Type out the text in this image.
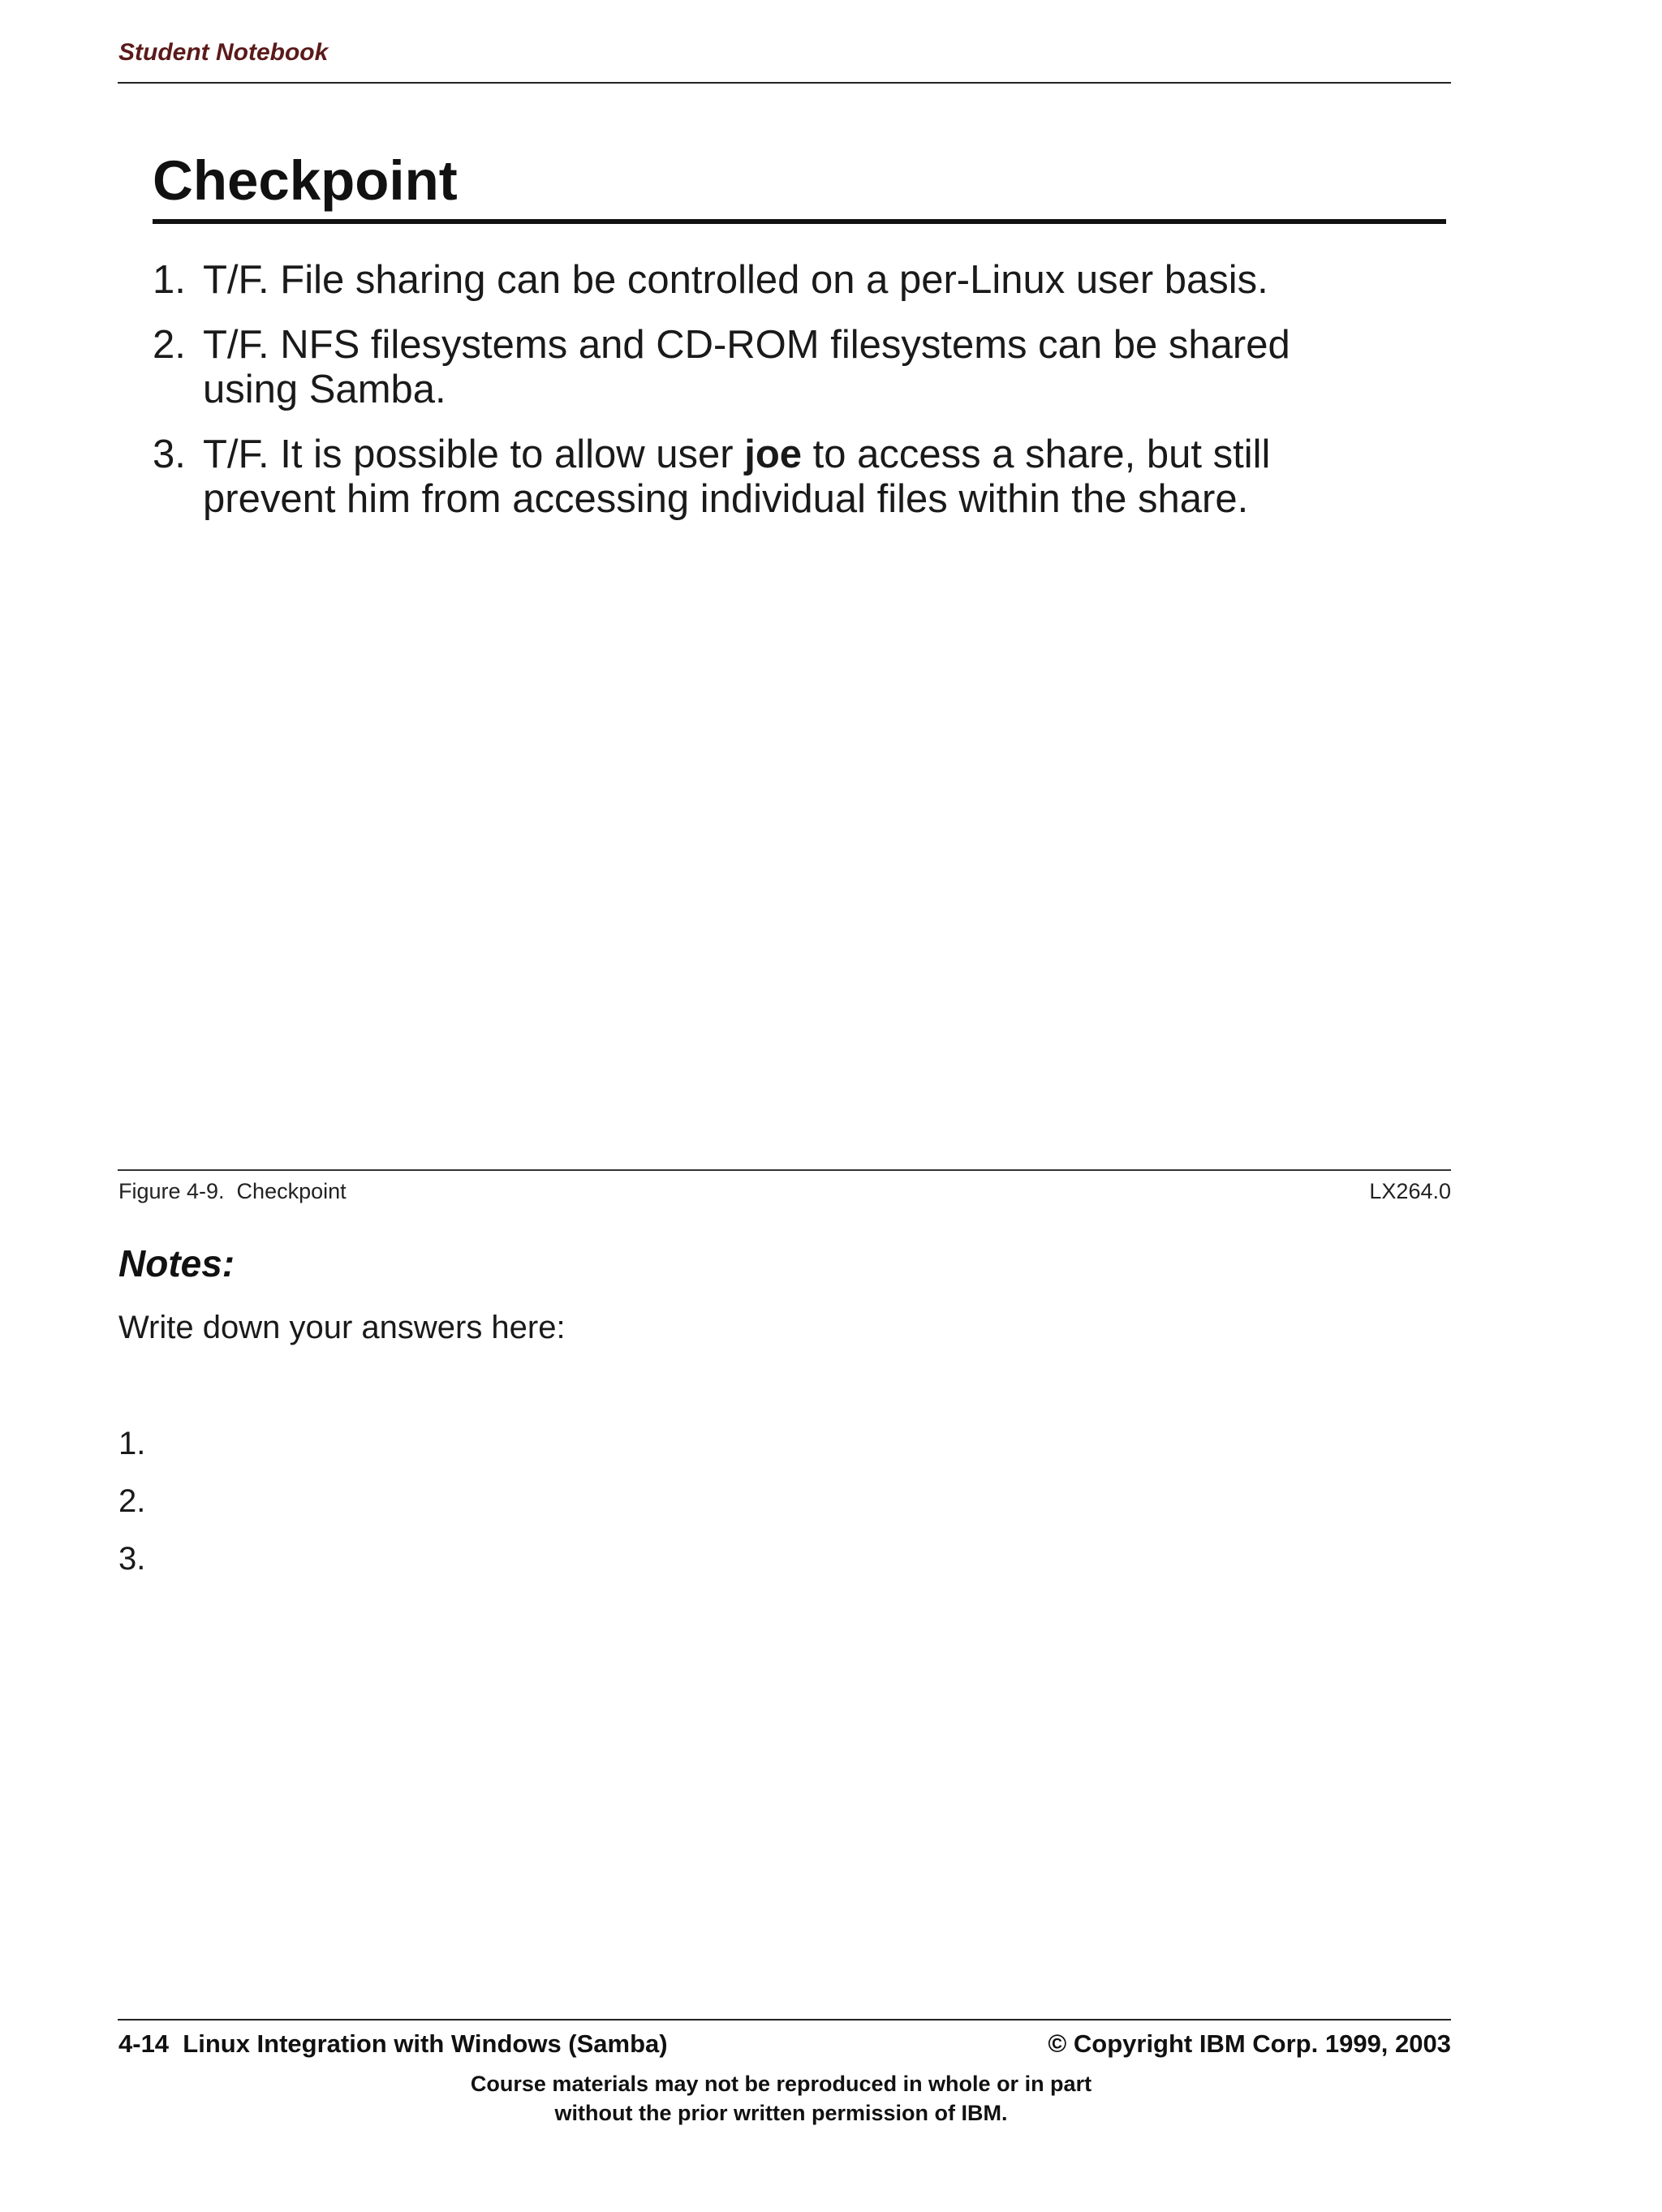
Student Notebook
Checkpoint
1. T/F. File sharing can be controlled on a per-Linux user basis.
2. T/F. NFS filesystems and CD-ROM filesystems can be shared using Samba.
3. T/F. It is possible to allow user joe to access a share, but still prevent him from accessing individual files within the share.
Figure 4-9.  Checkpoint	LX264.0
Notes:
Write down your answers here:
1.
2.
3.
4-14  Linux Integration with Windows (Samba)	© Copyright IBM Corp. 1999, 2003
Course materials may not be reproduced in whole or in part
without the prior written permission of IBM.
